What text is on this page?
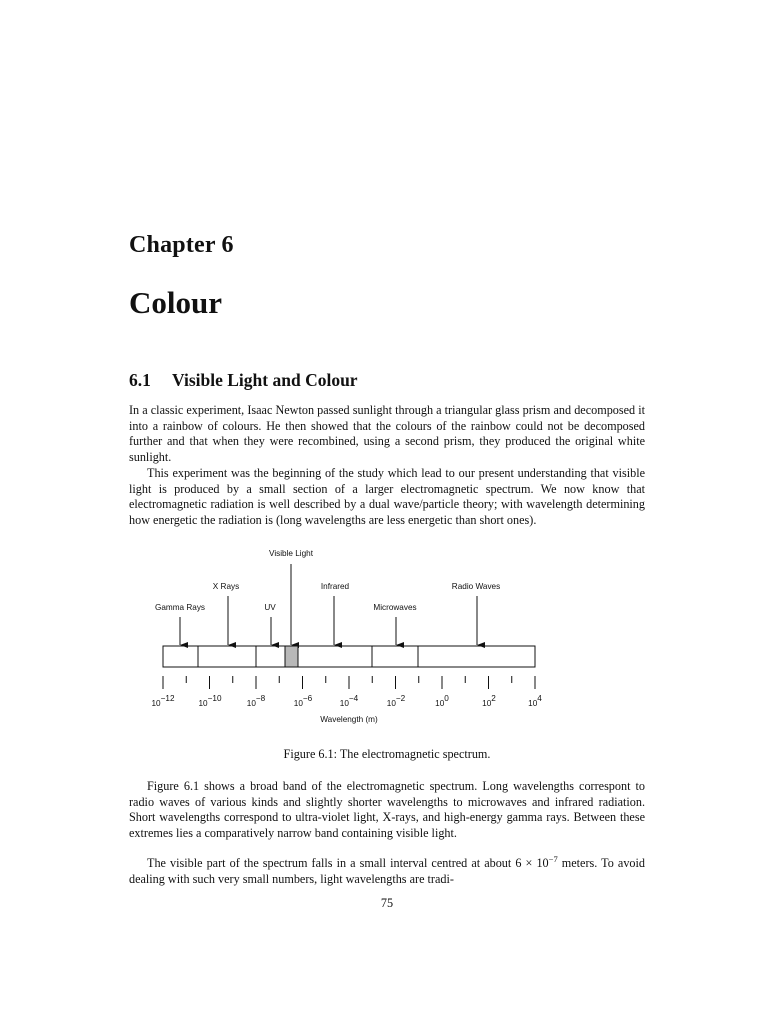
Chapter 6
Colour
6.1 Visible Light and Colour

In a classic experiment, Isaac Newton passed sunlight through a triangular glass prism and decomposed it into a rainbow of colours. He then showed that the colours of the rainbow could not be decomposed further and that when they were recombined, using a second prism, they produced the original white sunlight.

This experiment was the beginning of the study which lead to our present understanding that visible light is produced by a small section of a larger electromagnetic spectrum. We now know that electromagnetic radiation is well described by a dual wave/particle theory; with wavelength determining how energetic the radiation is (long wavelengths are less energetic than short ones).

Gamma Rays
X Rays
UV
Visible Light
Infrared
Microwaves
Radio Waves
10−12
10−10
10−8
10−6
10−4
10−2
100
102
104
Wavelength (m)
Figure 6.1: The electromagnetic spectrum.

Figure 6.1 shows a broad band of the electromagnetic spectrum. Long wavelengths correspont to radio waves of various kinds and slightly shorter wavelengths to microwaves and infrared radiation. Short wavelengths correspond to ultra-violet light, X-rays, and high-energy gamma rays. Between these extremes lies a comparatively narrow band containing visible light.

The visible part of the spectrum falls in a small interval centred at about $6 \times 10^{-7}$ meters. To avoid dealing with such very small numbers, light wavelengths are tradi-

75
